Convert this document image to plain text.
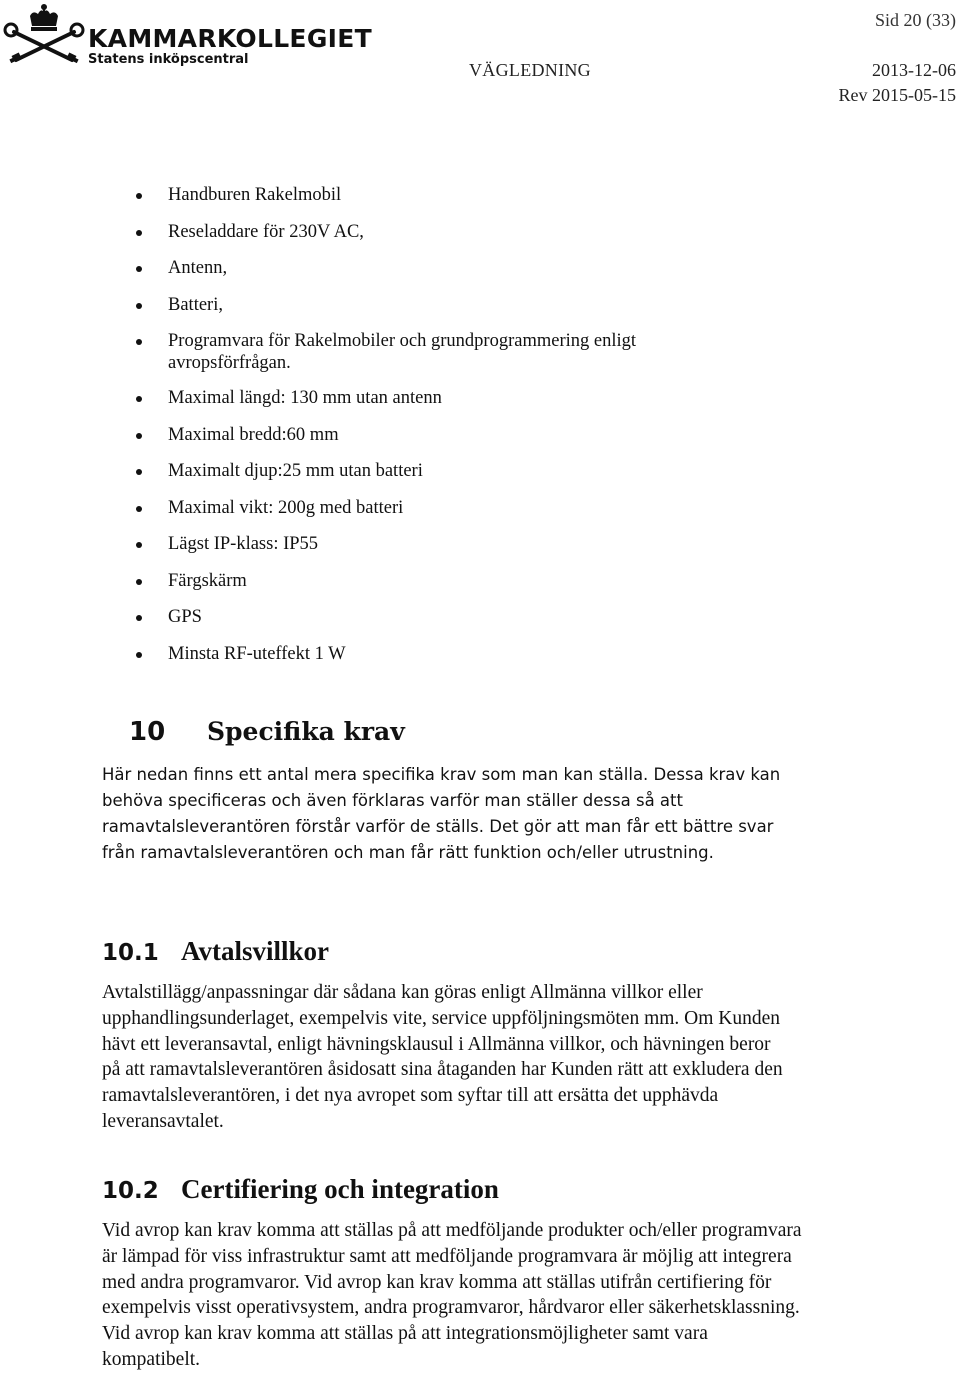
KAMMARKOLLEGIET
Statens inköpscentral
Sid 20 (33)
VÄGLEDNING	2013-12-06
Rev 2015-05-15
Handburen Rakelmobil
Reseladdare för 230V AC,
Antenn,
Batteri,
Programvara för Rakelmobiler och grundprogrammering enligt avropsförfrågan.
Maximal längd: 130 mm utan antenn
Maximal bredd:60 mm
Maximalt djup:25 mm utan batteri
Maximal vikt: 200g med batteri
Lägst IP-klass: IP55
Färgskärm
GPS
Minsta RF-uteffekt 1 W
10 Specifika krav

Här nedan finns ett antal mera specifika krav som man kan ställa. Dessa krav kan behöva specificeras och även förklaras varför man ställer dessa så att ramavtalsleverantören förstår varför de ställs. Det gör att man får ett bättre svar från ramavtalsleverantören och man får rätt funktion och/eller utrustning.

10.1 Avtalsvillkor

Avtalstillägg/anpassningar där sådana kan göras enligt Allmänna villkor eller upphandlingsunderlaget, exempelvis vite, service uppföljningsmöten mm. Om Kunden hävt ett leveransavtal, enligt hävningsklausul i Allmänna villkor, och hävningen beror på att ramavtalsleverantören åsidosatt sina åtaganden har Kunden rätt att exkludera den ramavtalsleverantören, i det nya avropet som syftar till att ersätta det upphävda leveransavtalet.

10.2 Certifiering och integration

Vid avrop kan krav komma att ställas på att medföljande produkter och/eller programvara är lämpad för viss infrastruktur samt att medföljande programvara är möjlig att integrera med andra programvaror. Vid avrop kan krav komma att ställas utifrån certifiering för exempelvis visst operativsystem, andra programvaror, hårdvaror eller säkerhetsklassning. Vid avrop kan krav komma att ställas på att integrationsmöjligheter samt vara kompatibelt.
